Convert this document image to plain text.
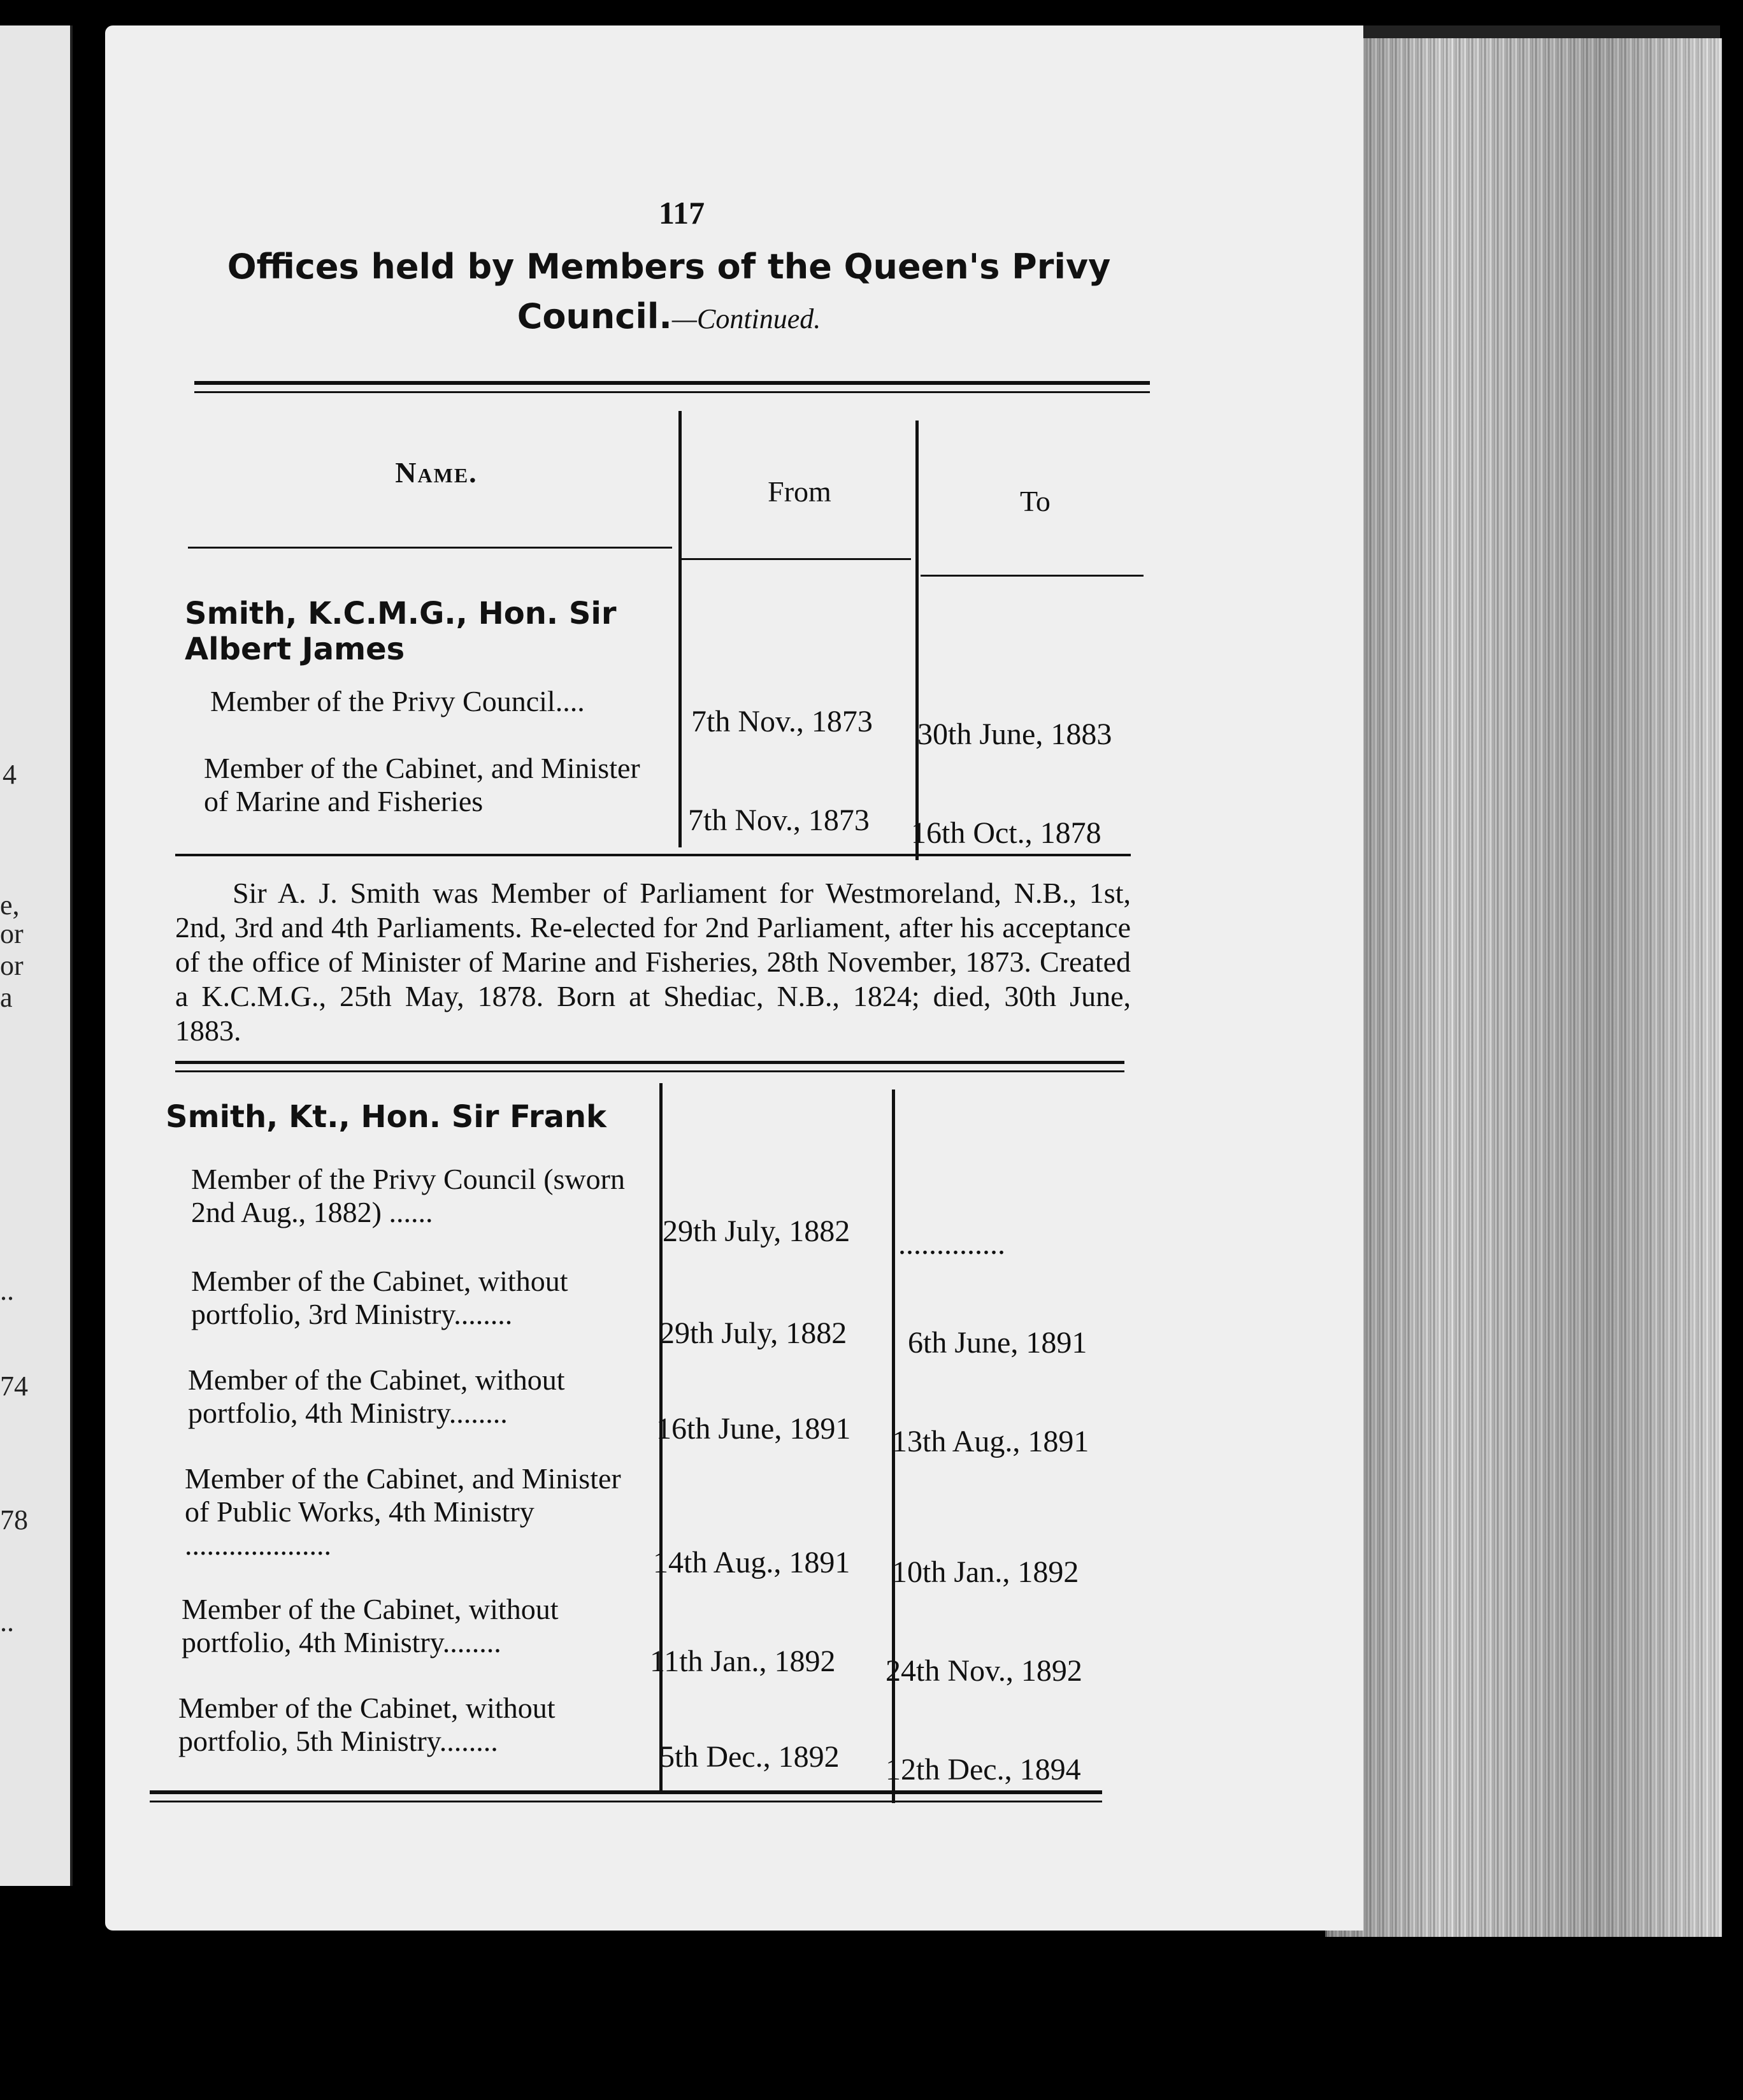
4
e,
or
or
a
..
74
78
..
117
Offices held by Members of the Queen's Privy Council.—Continued.
Name.
From	To
Smith, K.C.M.G., Hon. Sir Albert James
Member of the Privy Council....
7th Nov., 1873 30th June, 1883
Member of the Cabinet, and Minister of Marine and Fisheries
7th Nov., 1873 16th Oct., 1878
Sir A. J. Smith was Member of Parliament for Westmoreland, N.B., 1st, 2nd, 3rd and 4th Parliaments. Re-elected for 2nd Parliament, after his acceptance of the office of Minister of Marine and Fisheries, 28th November, 1873. Created a K.C.M.G., 25th May, 1878. Born at Shediac, N.B., 1824; died, 30th June, 1883.
Smith, Kt., Hon. Sir Frank
Member of the Privy Council (sworn 2nd Aug., 1882) ......
29th July, 1882 ..............
Member of the Cabinet, without portfolio, 3rd Ministry........
29th July, 1882 6th June, 1891
Member of the Cabinet, without portfolio, 4th Ministry........	16th June, 1891 13th Aug., 1891
Member of the Cabinet, and Minister of Public Works, 4th Ministry ....................
14th Aug., 1891 10th Jan., 1892
Member of the Cabinet, without portfolio, 4th Ministry........
11th Jan., 1892 24th Nov., 1892
Member of the Cabinet, without portfolio, 5th Ministry........	5th Dec., 1892 12th Dec., 1894
